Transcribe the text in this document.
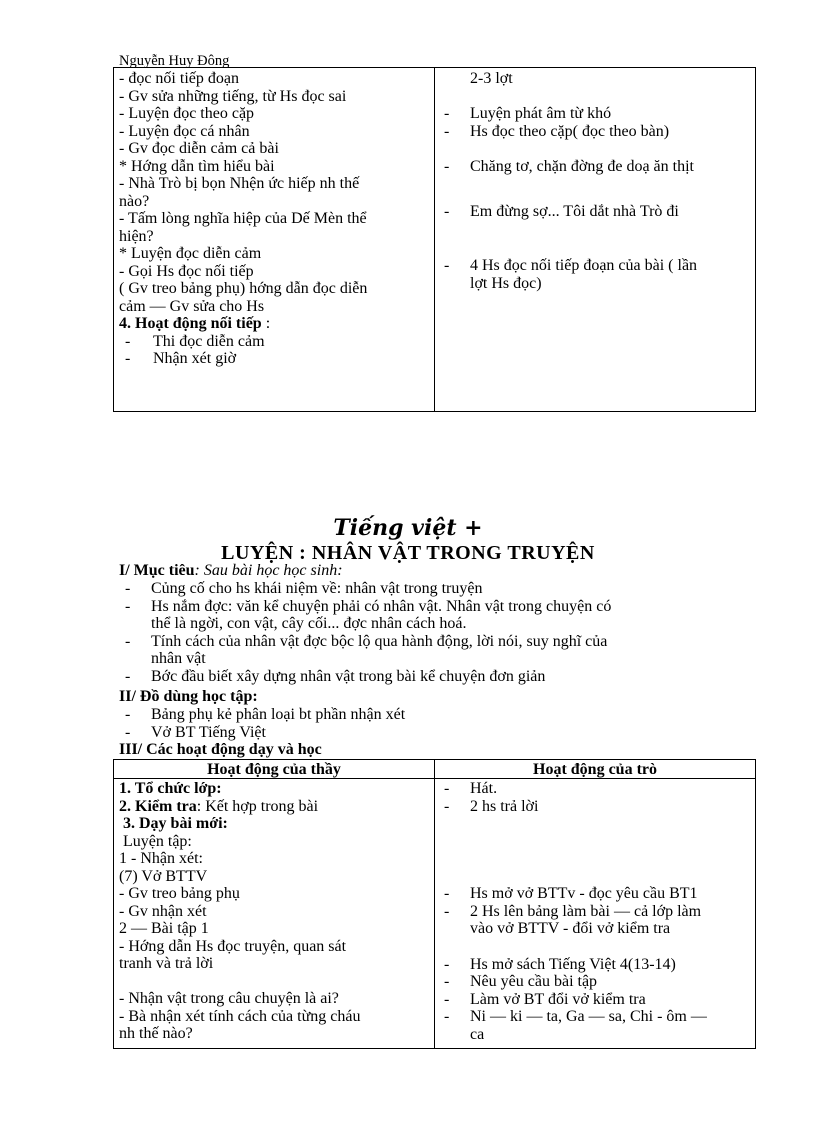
Nguyễn Huy Đông
- đọc nối tiếp đoạn
- Gv sửa những tiếng, từ Hs đọc sai
- Luyện đọc theo cặp
- Luyện đọc cá nhân
- Gv đọc diễn cảm cả bài
* Hớng dẫn tìm hiểu bài
- Nhà Trò bị bọn Nhện ức hiếp nh thế
nào?
- Tấm lòng nghĩa hiệp của Dế Mèn thể
hiện?
* Luyện đọc diễn cảm
- Gọi Hs đọc nối tiếp
( Gv treo bảng phụ) hớng dẫn đọc diễn
cảm — Gv sửa cho Hs
4. Hoạt động nối tiếp :
-	Thi đọc diễn cảm
-	Nhận xét giờ
2-3 lợt
-	Luyện phát âm từ khó
-	Hs đọc theo cặp( đọc theo bàn)
-	Chăng tơ, chặn đờng đe doạ ăn thịt
-	Em đừng sợ... Tôi dắt nhà Trò đi
-	4 Hs đọc nối tiếp đoạn của bài ( lần
lợt Hs đọc)
Tiếng việt +
LUYỆN : NHÂN VẬT TRONG TRUYỆN
I/ Mục tiêu: Sau bài học học sinh:
-	Củng cố cho hs khái niệm về: nhân vật trong truyện
-	Hs nắm đợc: văn kể chuyện phải có nhân vật. Nhân vật trong chuyện có
thể là ngời, con vật, cây cối... đợc nhân cách hoá.
-	Tính cách của nhân vật đợc bộc lộ qua hành động, lời nói, suy nghĩ của
nhân vật
-	Bớc đầu biết xây dựng nhân vật trong bài kể chuyện đơn giản
II/ Đồ dùng học tập:
-	Bảng phụ kẻ phân loại bt phần nhận xét
-	Vở BT Tiếng Việt
III/ Các hoạt động dạy và học
Hoạt động của thầy	Hoạt động của trò
1. Tổ chức lớp:
2. Kiểm tra: Kết hợp trong bài
3. Dạy bài mới:
Luyện tập:
1 - Nhận xét:
(7) Vở BTTV
- Gv treo bảng phụ
- Gv nhận xét
2 — Bài tập 1
- Hớng dẫn Hs đọc truyện, quan sát
tranh và trả lời
- Nhận vật trong câu chuyện là ai?
- Bà nhận xét tính cách của từng cháu
nh thế nào?
-	Hát.
-	2 hs trả lời
-	Hs mở vở BTTv - đọc yêu cầu BT1
-	2 Hs lên bảng làm bài — cả lớp làm
vào vở BTTV - đổi vở kiểm tra
-	Hs mở sách Tiếng Việt 4(13-14)
-	Nêu yêu cầu bài tập
-	Làm vở BT đổi vở kiểm tra
-	Ni — ki — ta, Ga — sa, Chi - ôm —
ca
